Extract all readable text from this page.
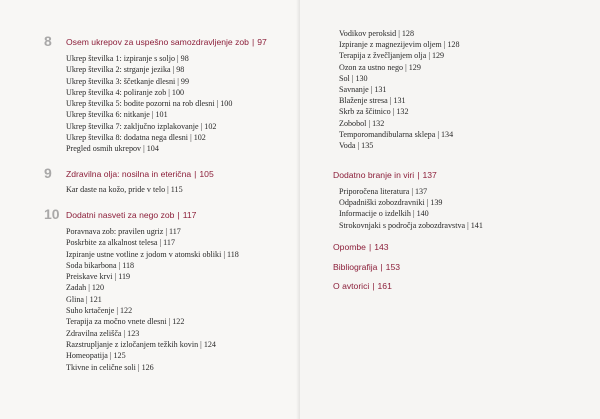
8 Osem ukrepov za uspešno samozdravljenje zob | 97
Ukrep številka 1: izpiranje s soljo | 98
Ukrep številka 2: strganje jezika | 98
Ukrep številka 3: ščetkanje dlesni | 99
Ukrep številka 4: poliranje zob | 100
Ukrep številka 5: bodite pozorni na rob dlesni | 100
Ukrep številka 6: nitkanje | 101
Ukrep številka 7: zaključno izplakovanje | 102
Ukrep številka 8: dodatna nega dlesni | 102
Pregled osmih ukrepov | 104
9 Zdravilna olja: nosilna in eterična | 105
Kar daste na kožo, pride v telo | 115
10 Dodatni nasveti za nego zob | 117
Poravnava zob: pravilen ugriz | 117
Poskrbite za alkalnost telesa | 117
Izpiranje ustne votline z jodom v atomski obliki | 118
Soda bikarbona | 118
Preiskave krvi | 119
Zadah | 120
Glina | 121
Suho krtačenje | 122
Terapija za močno vnete dlesni | 122
Zdravilna zelišča | 123
Razstrupljanje z izločanjem težkih kovin | 124
Homeopatija | 125
Tkivne in celične soli | 126
Vodikov peroksid | 128
Izpiranje z magnezijevim oljem | 128
Terapija z žvečljanjem olja | 129
Ozon za ustno nego | 129
Sol | 130
Savnanje | 131
Blaženje stresa | 131
Skrb za ščitnico | 132
Zobobol | 132
Temporomandibularna sklepa | 134
Voda | 135
Dodatno branje in viri | 137
Priporočena literatura | 137
Odpadniški zobozdravniki | 139
Informacije o izdelkih | 140
Strokovnjaki s področja zobozdravstva | 141
Opombe | 143
Bibliografija | 153
O avtorici | 161
